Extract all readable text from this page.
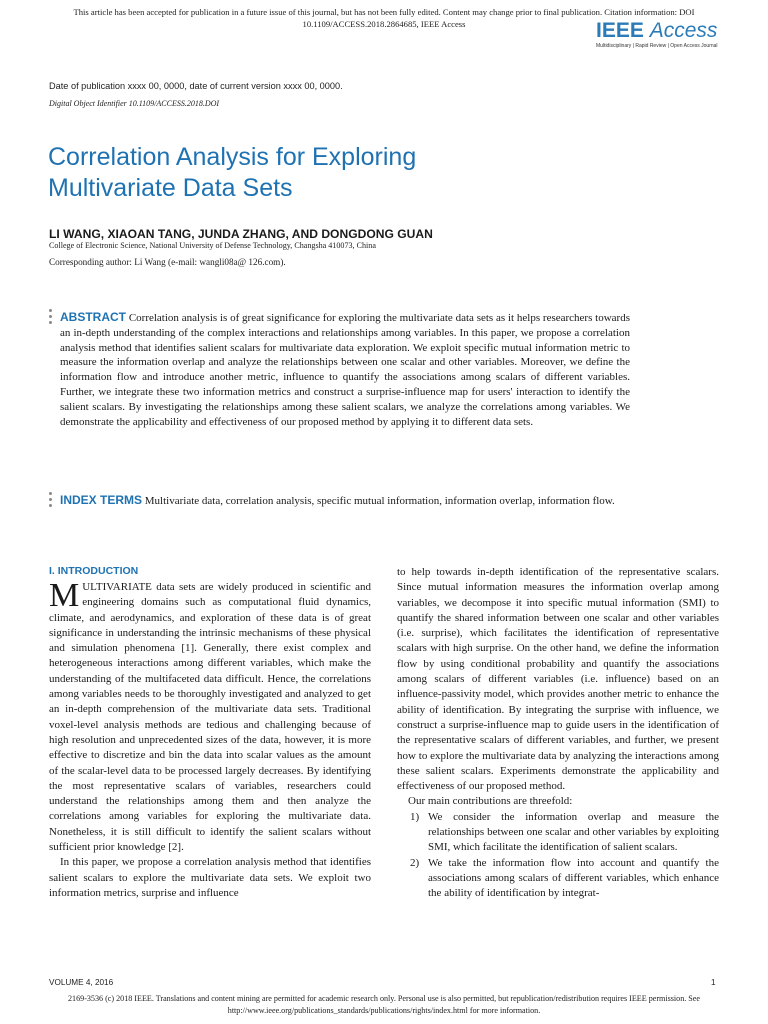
This article has been accepted for publication in a future issue of this journal, but has not been fully edited. Content may change prior to final publication. Citation information: DOI
10.1109/ACCESS.2018.2864685, IEEE Access	IEEE Access
Multidisciplinary | Rapid Review | Open Access Journal
Date of publication xxxx 00, 0000, date of current version xxxx 00, 0000.
Digital Object Identifier 10.1109/ACCESS.2018.DOI
Correlation Analysis for Exploring
Multivariate Data Sets
LI WANG, XIAOAN TANG, JUNDA ZHANG, AND DONGDONG GUAN
College of Electronic Science, National University of Defense Technology, Changsha 410073, China
Corresponding author: Li Wang (e-mail: wangli08a@ 126.com).
ABSTRACT Correlation analysis is of great significance for exploring the multivariate data sets as it helps researchers towards an in-depth understanding of the complex interactions and relationships among variables. In this paper, we propose a correlation analysis method that identifies salient scalars for multivariate data exploration. We exploit specific mutual information metric to measure the information overlap and analyze the relationships between one scalar and other variables. Moreover, we define the information flow and introduce another metric, influence to quantify the associations among scalars of different variables. Further, we integrate these two information metrics and construct a surprise-influence map for users' interaction to identify the salient scalars. By investigating the relationships among these salient scalars, we analyze the correlations among variables. We demonstrate the applicability and effectiveness of our proposed method by applying it to different data sets.
INDEX TERMS Multivariate data, correlation analysis, specific mutual information, information overlap, information flow.
I. INTRODUCTION

MULTIVARIATE data sets are widely produced in scientific and engineering domains such as computational fluid dynamics, climate, and aerodynamics, and exploration of these data is of great significance in understanding the intrinsic mechanisms of these physical and simulation phenomena [1]. Generally, there exist complex and heterogeneous interactions among different variables, which make the understanding of the multifaceted data difficult. Hence, the correlations among variables needs to be thoroughly investigated and analyzed to get an in-depth comprehension of the multivariate data sets. Traditional voxel-level analysis methods are tedious and challenging because of high resolution and unprecedented sizes of the data, however, it is more effective to discretize and bin the data into scalar values as the amount of the scalar-level data to be processed largely decreases. By identifying the most representative scalars of variables, researchers could understand the relationships among them and then analyze the correlations among variables for exploring the multivariate data. Nonetheless, it is still difficult to identify the salient scalars without sufficient prior knowledge [2].

In this paper, we propose a correlation analysis method that identifies salient scalars to explore the multivariate data sets. We exploit two information metrics, surprise and influence

to help towards in-depth identification of the representative scalars. Since mutual information measures the information overlap among variables, we decompose it into specific mutual information (SMI) to quantify the shared information between one scalar and other variables (i.e. surprise), which facilitates the identification of representative scalars with high surprise. On the other hand, we define the information flow by using conditional probability and quantify the associations among scalars of different variables (i.e. influence) based on an influence-passivity model, which provides another metric to enhance the ability of identification. By integrating the surprise with influence, we construct a surprise-influence map to guide users in the identification of the representative scalars of different variables, and further, we present how to explore the multivariate data by analyzing the interactions among these salient scalars. Experiments demonstrate the applicability and effectiveness of our proposed method.

Our main contributions are threefold:

1) We consider the information overlap and measure the relationships between one scalar and other variables by exploiting SMI, which facilitate the identification of salient scalars.
2) We take the information flow into account and quantify the associations among scalars of different variables, which enhance the ability of identification by integrat-
VOLUME 4, 2016	1
2169-3536 (c) 2018 IEEE. Translations and content mining are permitted for academic research only. Personal use is also permitted, but republication/redistribution requires IEEE permission. See
http://www.ieee.org/publications_standards/publications/rights/index.html for more information.
